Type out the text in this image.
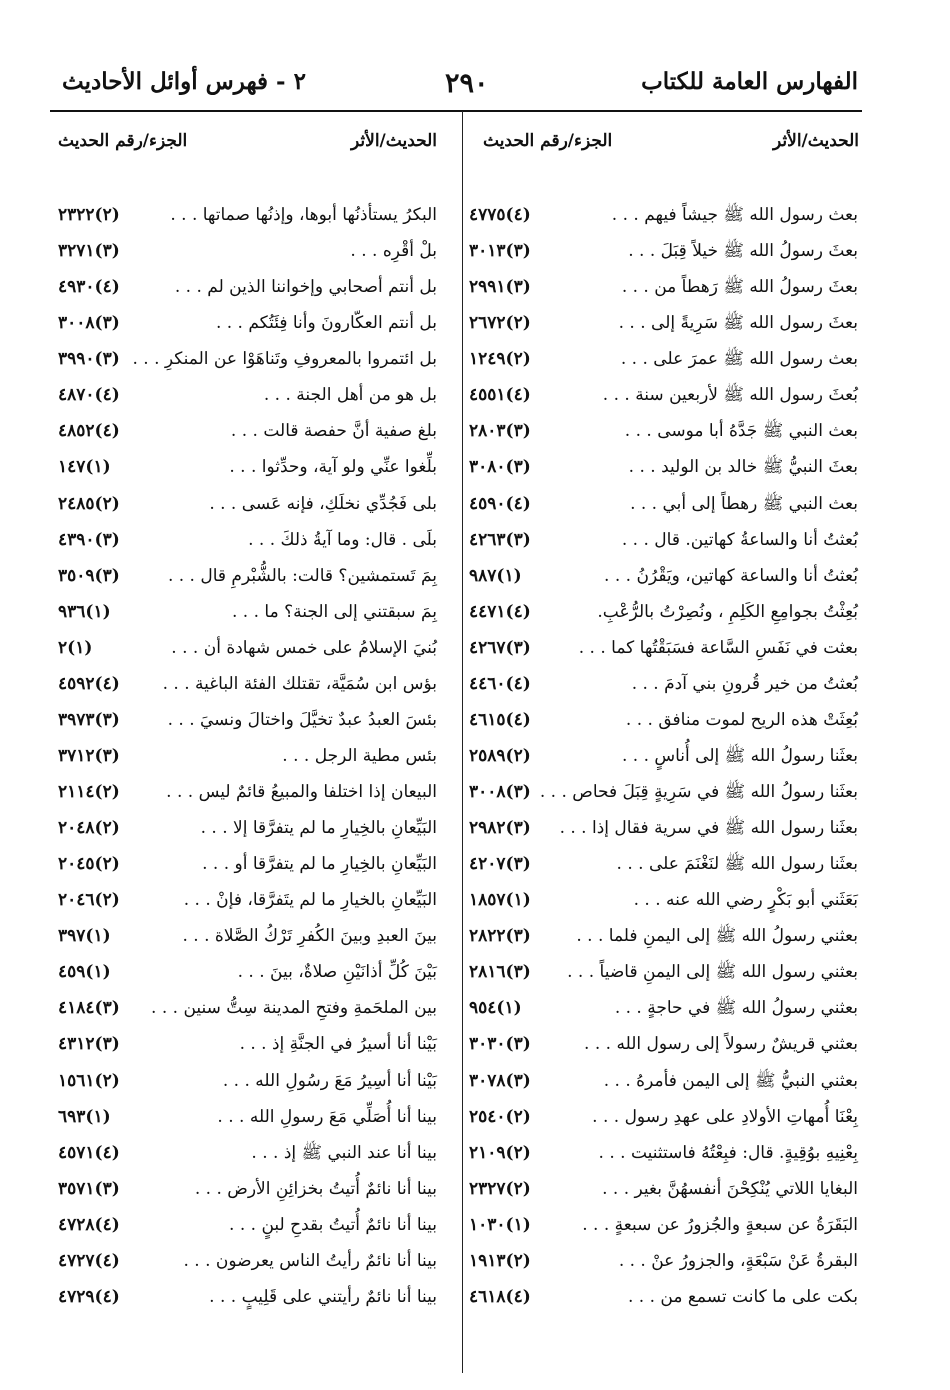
الفهارس العامة للكتاب
٢٩٠
٢ - فهرس أوائل الأحاديث
الحديث/الأثر
الجزء/رقم الحديث
بعث رسول الله ﷺ جيشاً فيهم . . .
(٤)٤٧٧٥
بعثَ رسولُ الله ﷺ خيلاً قِبَلَ . . .
(٣)٣٠١٣
بعثَ رسولُ الله ﷺ رَهطاً من . . .
(٣)٢٩٩١
بعثَ رسول الله ﷺ سَرِيةً إلى . . .
(٢)٢٦٧٢
بعث رسول الله ﷺ عمرَ على . . .
(٢)١٢٤٩
بُعثَ رسول الله ﷺ لأربعين سنة . . .
(٤)٤٥٥١
بعث النبي ﷺ جَدَّهُ أبا موسى . . .
(٣)٢٨٠٣
بعثَ النبيُّ ﷺ خالد بن الوليد . . .
(٣)٣٠٨٠
بعث النبي ﷺ رهطاً إلى أبي . . .
(٤)٤٥٩٠
بُعثتُ أنا والساعةُ كهاتين. قال . . .
(٣)٤٢٦٣
بُعثتُ أنا والساعة كهاتين، ويَقْرُنُ . . .
(١)٩٨٧
بُعِثْتُ بجوامِعِ الكَلِمِ ، ونُصِرْتُ بالرُّعْبِ.
(٤)٤٤٧١
بعثت في نَفَسِ السَّاعة فسَبَقْتُها كما . . .
(٣)٤٢٦٧
بُعثتُ من خير قُرونِ بني آدمَ . . .
(٤)٤٤٦٠
بُعِثَتْ هذه الريح لموت منافق . . .
(٤)٤٦١٥
بعثَنا رسولُ الله ﷺ إلى أُناسٍ . . .
(٢)٢٥٨٩
بعثَنا رسولُ الله ﷺ في سَرِيةٍ قِبَلَ فحاص . . .
(٣)٣٠٠٨
بعثَنا رسول الله ﷺ في سرية فقال إذا . . .
(٣)٢٩٨٢
بعثَنا رسول الله ﷺ لنَغْنَمَ على . . .
(٣)٤٢٠٧
بَعَثَني أبو بَكْرٍ رضي الله عنه . . .
(١)١٨٥٧
بعثني رسولُ الله ﷺ إلى اليمنِ فلما . . .
(٣)٢٨٢٢
بعثني رسول الله ﷺ إلى اليمنِ قاضياً . . .
(٣)٢٨١٦
بعثني رسولُ الله ﷺ في حاجةٍ . . .
(١)٩٥٤
بعثني قريشٌ رسولاً إلى رسول الله . . .
(٣)٣٠٣٠
بعثني النبيُّ ﷺ إلى اليمن فأمرهُ . . .
(٣)٣٠٧٨
بِعْنَا أُمهاتِ الأولادِ على عهدِ رسول . . .
(٢)٢٥٤٠
بِعْنِيهِ بوُقِيةٍ. قال: فبِعْتُهُ فاستثنيت . . .
(٢)٢١٠٩
البغايا اللاتي يُنْكِحْنَ أنفسهُنَّ بغير . . .
(٢)٢٣٢٧
البَقَرَةُ عن سبعةٍ والجُزورُ عن سبعةٍ . . .
(١)١٠٣٠
البقرةُ عَنْ سَبْعَةٍ، والجزورُ عنْ . . .
(٢)١٩١٣
بكت على ما كانت تسمع من . . .
(٤)٤٦١٨
الحديث/الأثر
الجزء/رقم الحديث
البكرُ يستأذنُها أبوها، وإذنُها صماتها . . .
(٢)٢٣٢٢
بلْ أقْرِه . . .
(٣)٣٢٧١
بل أنتم أصحابي وإخواننا الذين لم . . .
(٤)٤٩٣٠
بل أنتم العكّارونَ وأنا فِئَتُكم . . .
(٣)٣٠٠٨
بل ائتمروا بالمعروفِ وتَناهَوْا عن المنكرِ . . .
(٣)٣٩٩٠
بل هو من أهل الجنة . . .
(٤)٤٨٧٠
بلغ صفية أنَّ حفصة قالت . . .
(٤)٤٨٥٢
بلِّغوا عنِّي ولو آية، وحدِّثوا . . .
(١)١٤٧
بلى فَجُدِّي نخلَكِ، فإنه عَسى . . .
(٢)٢٤٨٥
بلَى . قال: وما آيةُ ذلكَ . . .
(٣)٤٣٩٠
بِمَ تَستمشين؟ قالت: بالشُّبْرمِ قال . . .
(٣)٣٥٠٩
بِمَ سبقتني إلى الجنة؟ ما . . .
(١)٩٣٦
بُنيَ الإسلامُ على خمس شهادة أن . . .
(١)٢
بؤس ابن سُمَيَّة، تقتلك الفئة الباغية . . .
(٤)٤٥٩٢
بئسَ العبدُ عبدٌ تخيَّلَ واختالَ ونسيَ . . .
(٣)٣٩٧٣
بئس مطية الرجل . . .
(٣)٣٧١٢
البيعان إذا اختلفا والمبيعُ قائمٌ ليس . . .
(٢)٢١١٤
البَيِّعانِ بالخِيارِ ما لم يتفرَّقا إلا . . .
(٢)٢٠٤٨
البَيِّعانِ بالخِيارِ ما لم يتفرَّقا أو . . .
(٢)٢٠٤٥
البَيِّعانِ بالخيارِ ما لم يتَفرَّقا، فإنْ . . .
(٢)٢٠٤٦
بينَ العبدِ وبينَ الكُفرِ تَرْكُ الصَّلاة . . .
(١)٣٩٧
بَيْنَ كُلِّ أذانَيْنِ صلاةٌ، بينَ . . .
(١)٤٥٩
بين الملحَمةِ وفتحِ المدينة سِتُّ سنين . . .
(٣)٤١٨٤
بَيْنا أنا أسيرُ في الجنَّةِ إذ . . .
(٣)٤٣١٢
بَيْنا أنا أسِيرُ مَعَ رسُولِ الله . . .
(٢)١٥٦١
بينا أنا أُصَلِّي مَعَ رسولِ الله . . .
(١)٦٩٣
بينا أنا عند النبي ﷺ إذ . . .
(٤)٤٥٧١
بينا أنا نائمٌ أُتيتُ بخزائِنِ الأرض . . .
(٣)٣٥٧١
بينا أنا نائمٌ أُتيتُ بقدحِ لبنٍ . . .
(٤)٤٧٢٨
بينا أنا نائمٌ رأيتُ الناس يعرضون . . .
(٤)٤٧٢٧
بينا أنا نائمٌ رأيتني على قَلِيبٍ . . .
(٤)٤٧٢٩
